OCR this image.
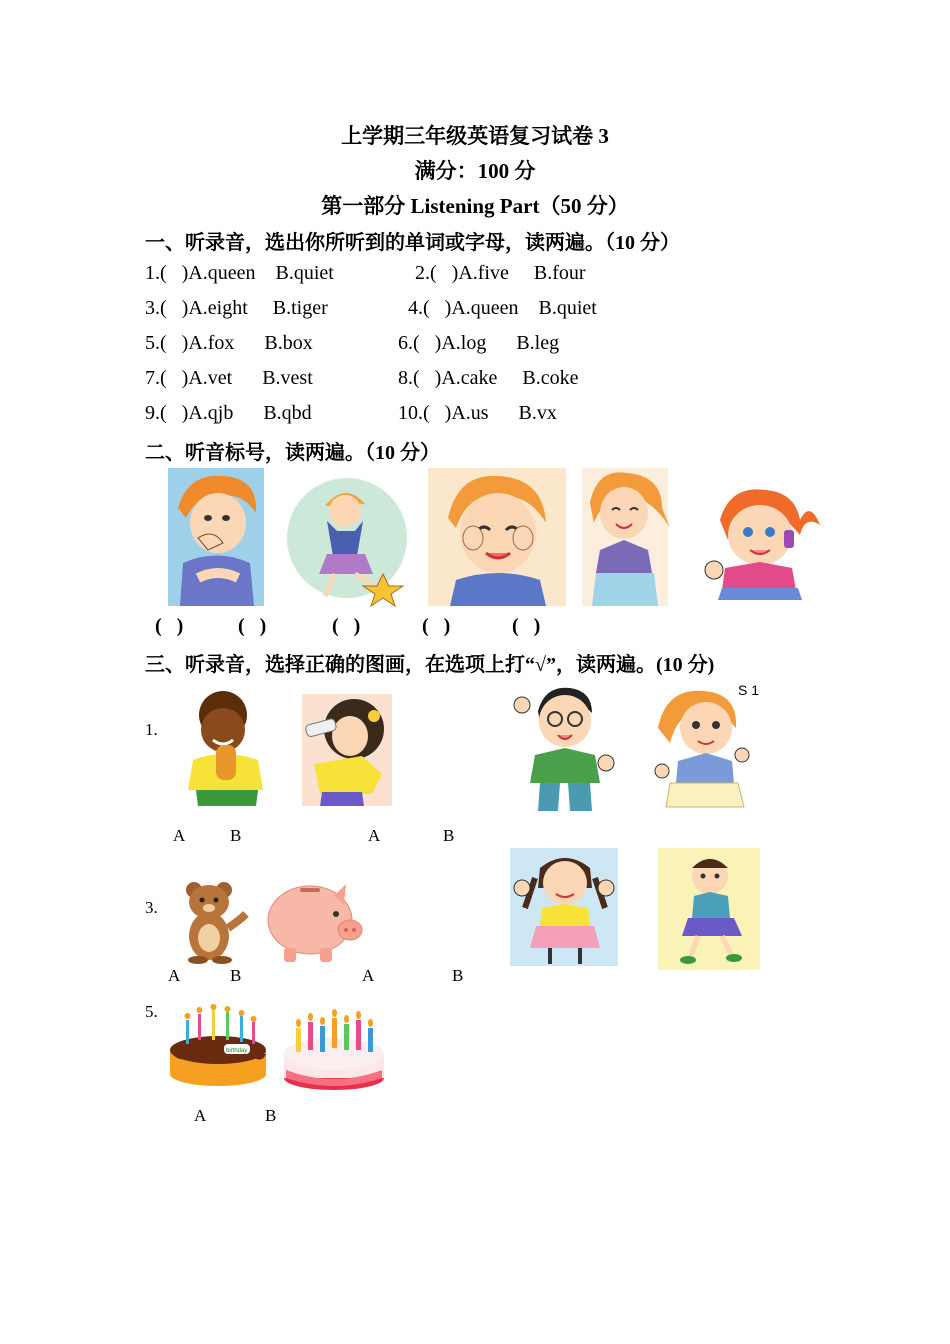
上学期三年级英语复习试卷 3
满分：100 分
第一部分 Listening Part（50 分）
一、听录音，选出你所听到的单词或字母，读两遍。（10 分）
1.(   )A.queen    B.quiet	2.(   )A.five     B.four
3.(   )A.eight     B.tiger	4.(   )A.queen    B.quiet
5.(   )A.fox      B.box	6.(   )A.log      B.leg
7.(   )A.vet      B.vest	8.(   )A.cake     B.coke
9.(   )A.qjb      B.qbd	10.(   )A.us      B.vx
二、听音标号，读两遍。（10 分）
(   )	(   )	(   )	(   )	(   )
三、听录音，选择正确的图画，在选项上打“√”，读两遍。(10 分)
1.
S 1
A	B	A	B
3.
A	B	A	B
5.
birthday
A	B
